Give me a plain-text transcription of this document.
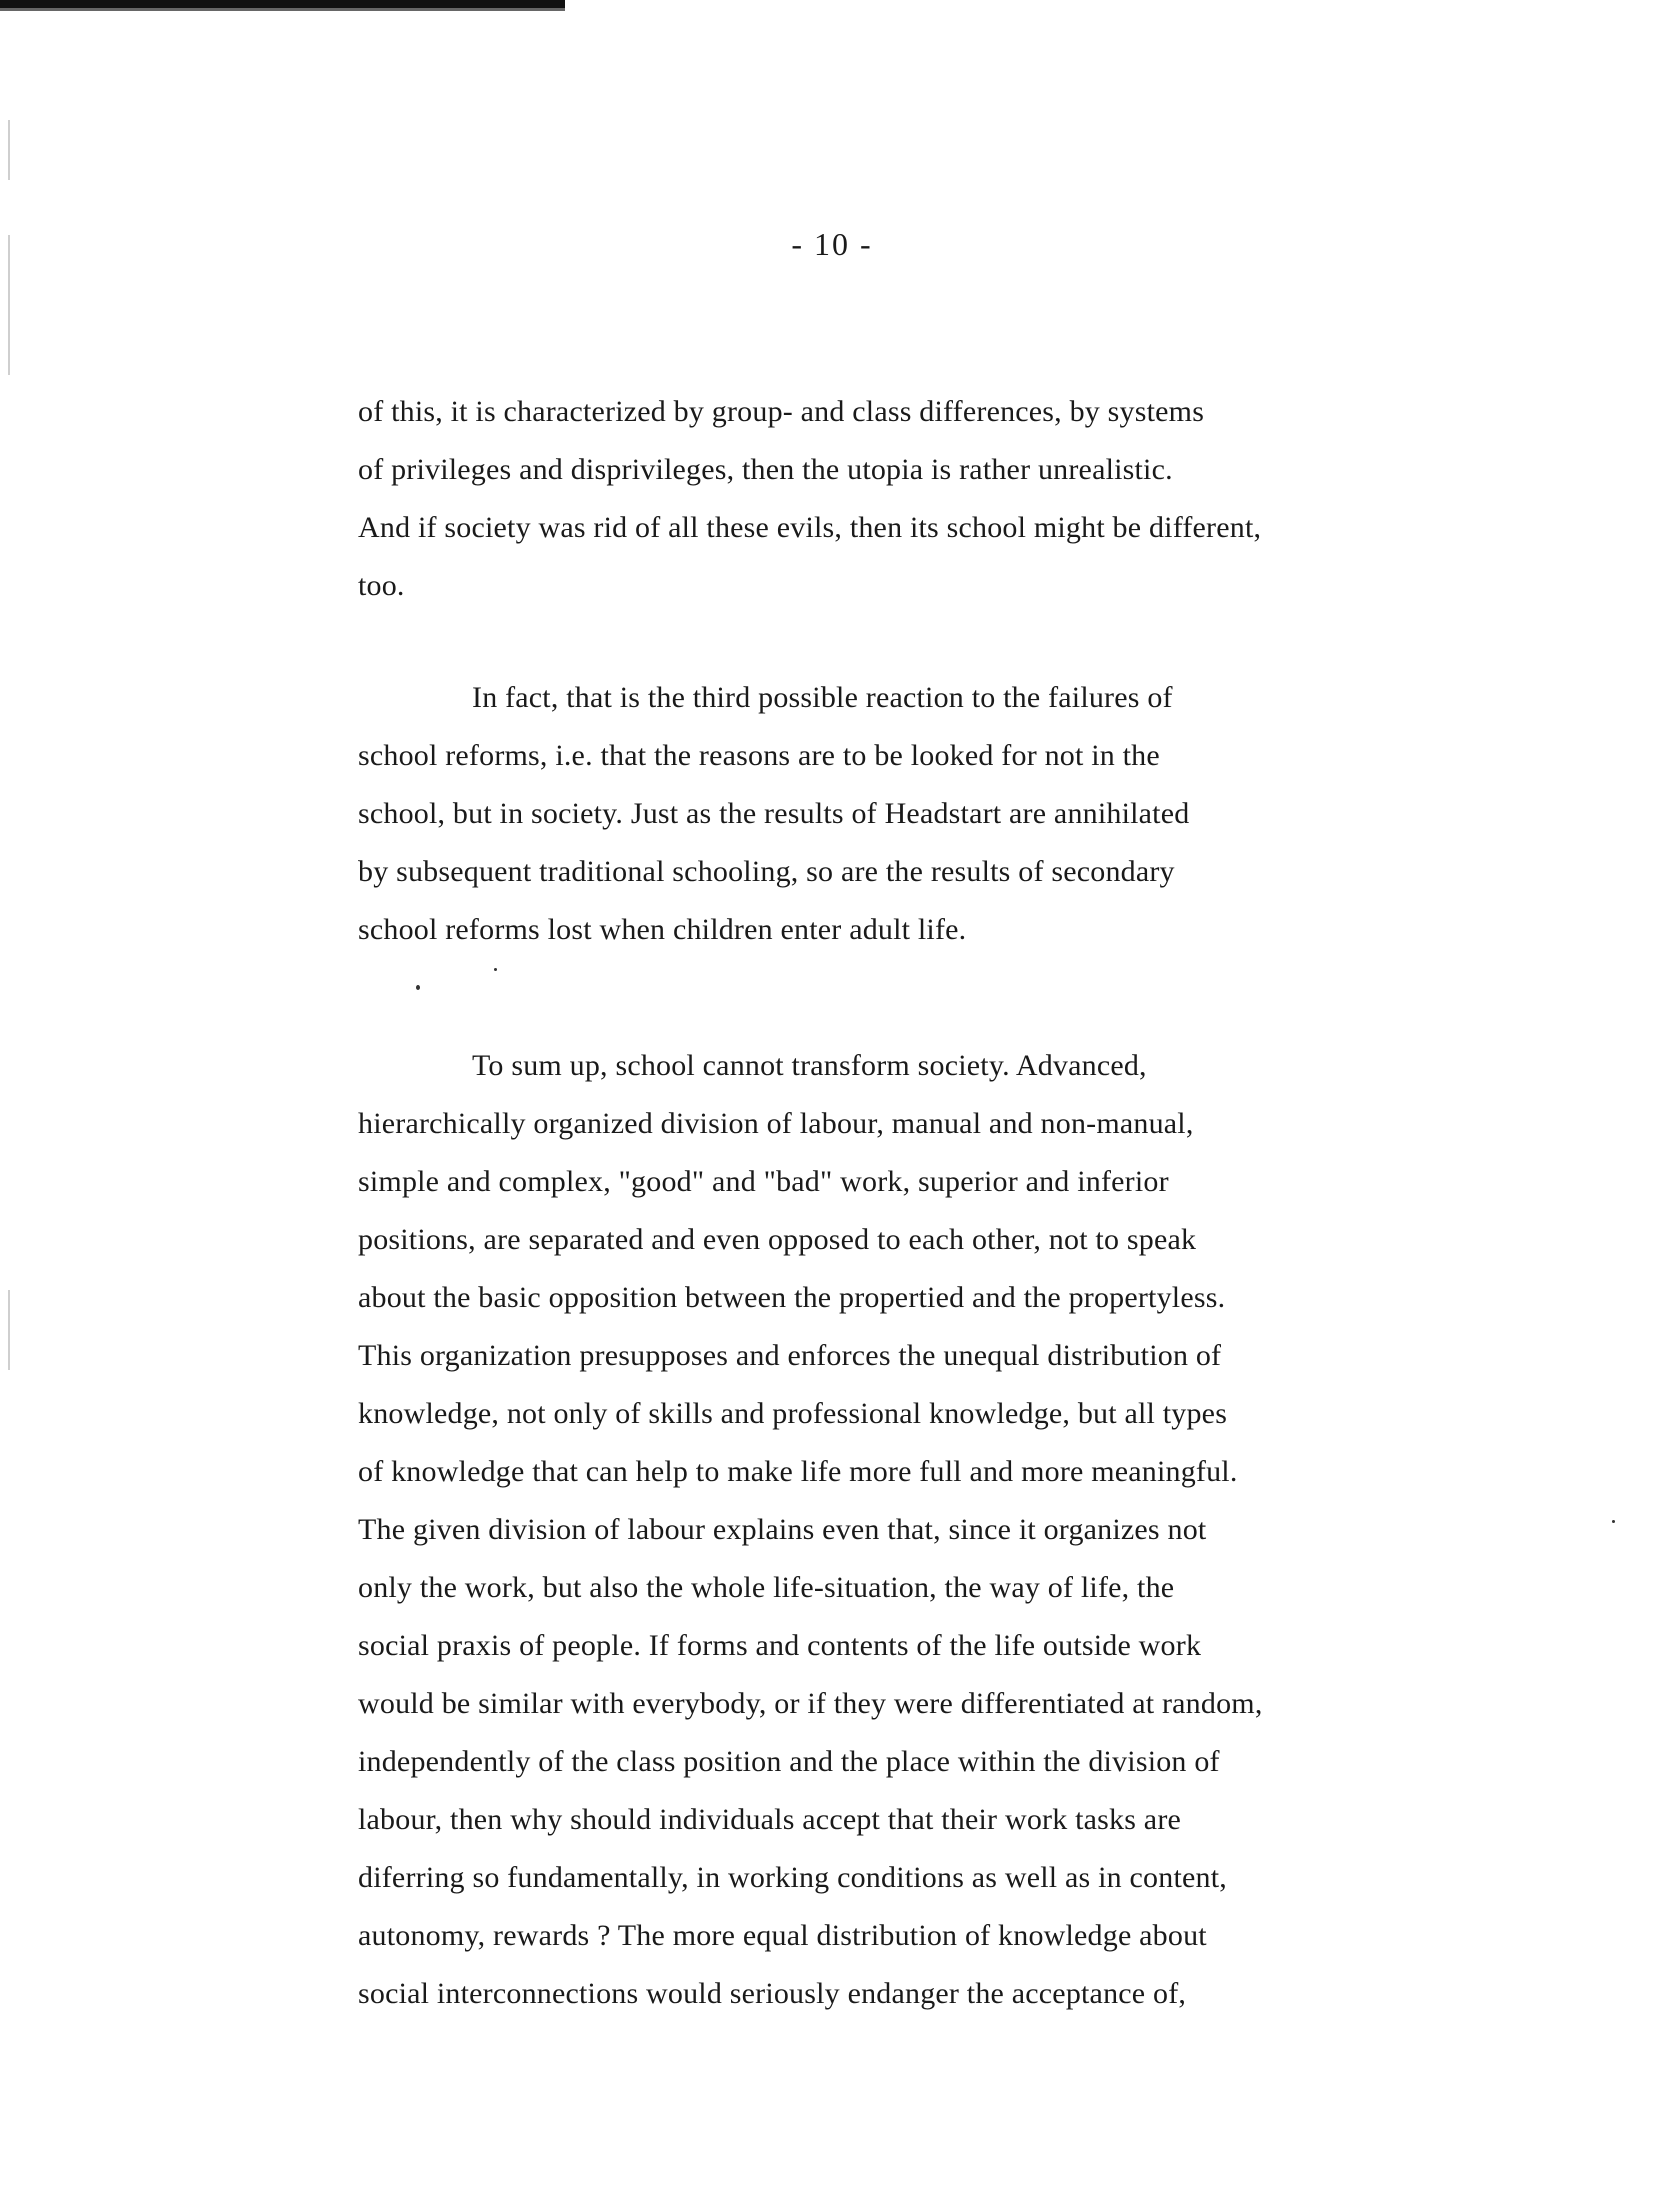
- 10 -
of this, it is characterized by group- and class differences, by systems
of privileges and disprivileges, then the utopia is rather unrealistic.
And if society was rid of all these evils, then its school might be different,
too.
In fact, that is the third possible reaction to the failures of
school reforms, i.e. that the reasons are to be looked for not in the
school, but in society. Just as the results of Headstart are annihilated
by subsequent traditional schooling, so are the results of secondary
school reforms lost when children enter adult life.
To sum up, school cannot transform society. Advanced,
hierarchically organized division of labour, manual and non-manual,
simple and complex, "good" and "bad" work, superior and inferior
positions, are separated and even opposed to each other, not to speak
about the basic opposition between the propertied and the propertyless.
This organization presupposes and enforces the unequal distribution of
knowledge, not only of skills and professional knowledge, but all types
of knowledge that can help to make life more full and more meaningful.
The given division of labour explains even that, since it organizes not
only the work, but also the whole life-situation, the way of life, the
social praxis of people. If forms and contents of the life outside work
would be similar with everybody, or if they were differentiated at random,
independently of the class position and the place within the division of
labour, then why should individuals accept that their work tasks are
diferring so fundamentally, in working conditions as well as in content,
autonomy, rewards ? The more equal distribution of knowledge about
social interconnections would seriously endanger the acceptance of,
